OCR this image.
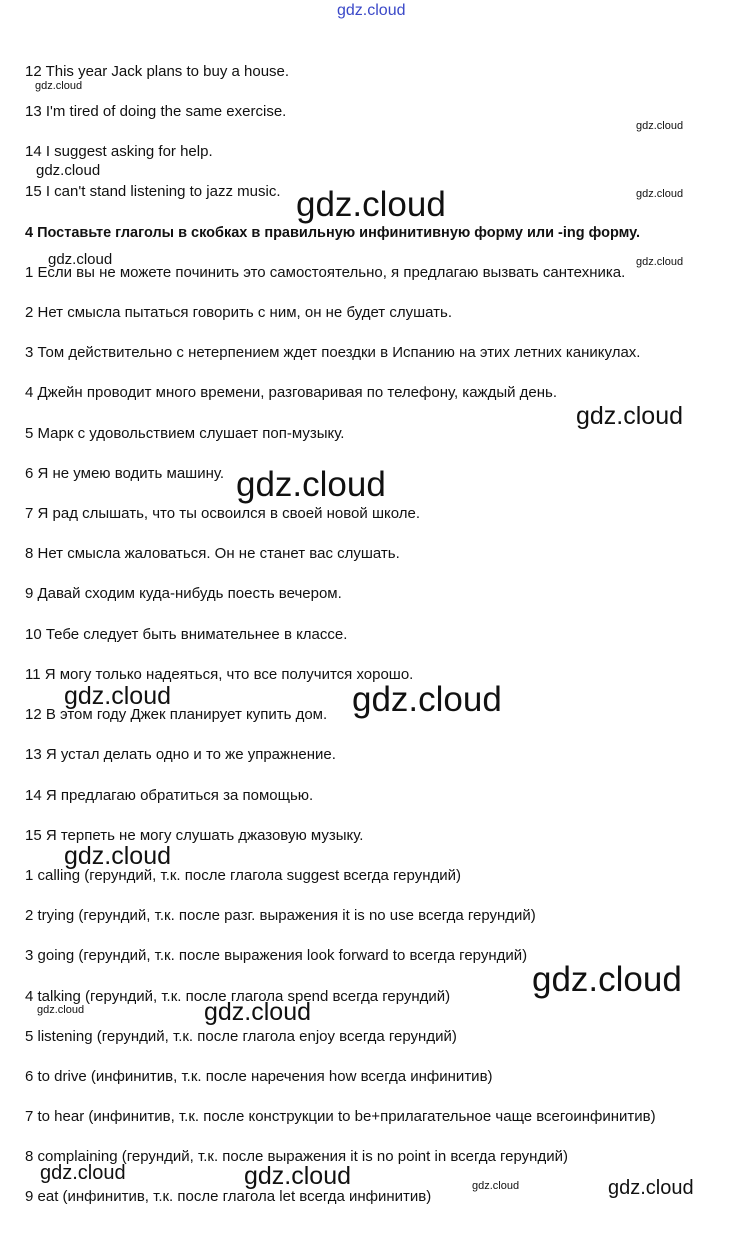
gdz.cloud
12 This year Jack plans to buy a house.
13 I'm tired of doing the same exercise.
14 I suggest asking for help.
15 I can't stand listening to jazz music.
4 Поставьте глаголы в скобках в правильную инфинитивную форму или -ing форму.
1 Если вы не можете починить это самостоятельно, я предлагаю вызвать сантехника.
2 Нет смысла пытаться говорить с ним, он не будет слушать.
3 Том действительно с нетерпением ждет поездки в Испанию на этих летних каникулах.
4 Джейн проводит много времени, разговаривая по телефону, каждый день.
5 Марк с удовольствием слушает поп-музыку.
6 Я не умею водить машину.
7 Я рад слышать, что ты освоился в своей новой школе.
8 Нет смысла жаловаться. Он не станет вас слушать.
9 Давай сходим куда-нибудь поесть вечером.
10 Тебе следует быть внимательнее в классе.
11 Я могу только надеяться, что все получится хорошо.
12 В этом году Джек планирует купить дом.
13 Я устал делать одно и то же упражнение.
14 Я предлагаю обратиться за помощью.
15 Я терпеть не могу слушать джазовую музыку.
1 calling (герундий, т.к. после глагола suggest всегда герундий)
2 trying (герундий, т.к. после разг. выражения it is no use всегда герундий)
3 going (герундий, т.к. после выражения look forward to всегда герундий)
4 talking (герундий, т.к. после глагола spend всегда герундий)
5 listening (герундий, т.к. после глагола enjoy всегда герундий)
6 to drive (инфинитив, т.к. после наречения how всегда инфинитив)
7 to hear (инфинитив, т.к. после конструкции to be+прилагательное чаще всегоинфинитив)
8 complaining (герундий, т.к. после выражения it is no point in всегда герундий)
9 eat (инфинитив, т.к. после глагола let всегда инфинитив)
gdz.cloud
gdz.cloud
gdz.cloud
gdz.cloud
gdz.cloud
gdz.cloud	gdz.cloud
gdz.cloud
gdz.cloud
gdz.cloud	gdz.cloud
gdz.cloud
gdz.cloud
gdz.cloud	gdz.cloud
gdz.cloud	gdz.cloud	gdz.cloud	gdz.cloud
